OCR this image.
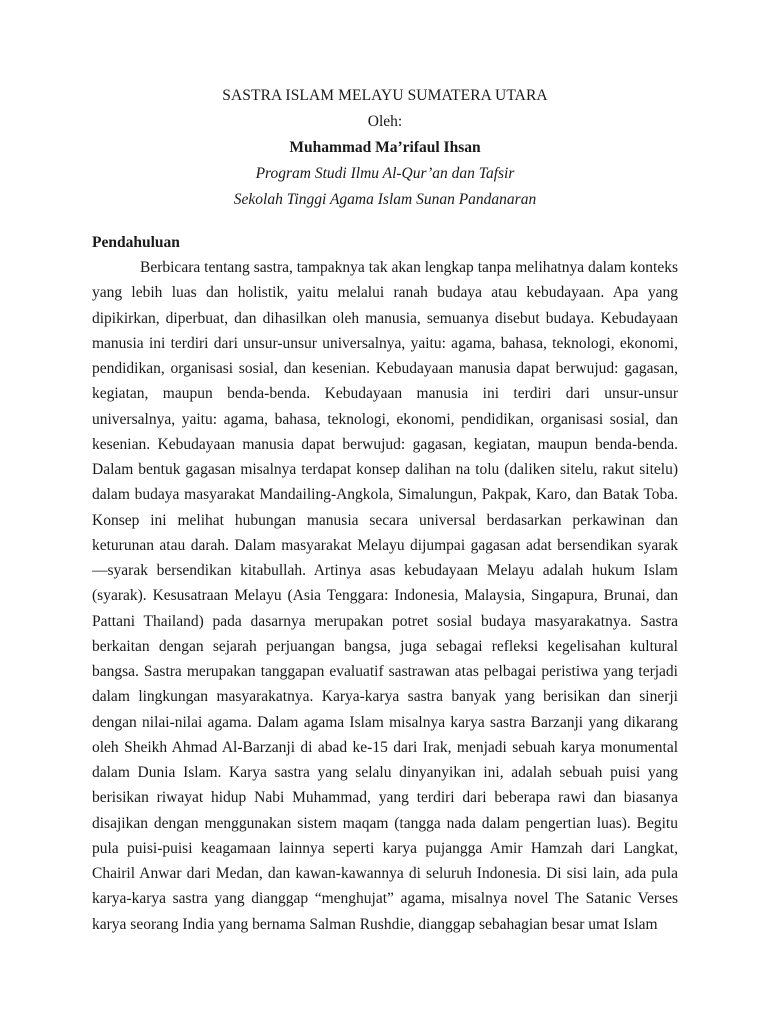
SASTRA ISLAM MELAYU SUMATERA UTARA
Oleh:
Muhammad Ma’rifaul Ihsan
Program Studi Ilmu Al-Qur’an dan Tafsir
Sekolah Tinggi Agama Islam Sunan Pandanaran
Pendahuluan

Berbicara tentang sastra, tampaknya tak akan lengkap tanpa melihatnya dalam konteks yang lebih luas dan holistik, yaitu melalui ranah budaya atau kebudayaan. Apa yang dipikirkan, diperbuat, dan dihasilkan oleh manusia, semuanya disebut budaya. Kebudayaan manusia ini terdiri dari unsur-unsur universalnya, yaitu: agama, bahasa, teknologi, ekonomi, pendidikan, organisasi sosial, dan kesenian. Kebudayaan manusia dapat berwujud: gagasan, kegiatan, maupun benda-benda. Kebudayaan manusia ini terdiri dari unsur-unsur universalnya, yaitu: agama, bahasa, teknologi, ekonomi, pendidikan, organisasi sosial, dan kesenian. Kebudayaan manusia dapat berwujud: gagasan, kegiatan, maupun benda-benda. Dalam bentuk gagasan misalnya terdapat konsep dalihan na tolu (daliken sitelu, rakut sitelu) dalam budaya masyarakat Mandailing-Angkola, Simalungun, Pakpak, Karo, dan Batak Toba. Konsep ini melihat hubungan manusia secara universal berdasarkan perkawinan dan keturunan atau darah. Dalam masyarakat Melayu dijumpai gagasan adat bersendikan syarak —syarak bersendikan kitabullah. Artinya asas kebudayaan Melayu adalah hukum Islam (syarak). Kesusatraan Melayu (Asia Tenggara: Indonesia, Malaysia, Singapura, Brunai, dan Pattani Thailand) pada dasarnya merupakan potret sosial budaya masyarakatnya. Sastra berkaitan dengan sejarah perjuangan bangsa, juga sebagai refleksi kegelisahan kultural bangsa. Sastra merupakan tanggapan evaluatif sastrawan atas pelbagai peristiwa yang terjadi dalam lingkungan masyarakatnya. Karya-karya sastra banyak yang berisikan dan sinerji dengan nilai-nilai agama. Dalam agama Islam misalnya karya sastra Barzanji yang dikarang oleh Sheikh Ahmad Al-Barzanji di abad ke-15 dari Irak, menjadi sebuah karya monumental dalam Dunia Islam. Karya sastra yang selalu dinyanyikan ini, adalah sebuah puisi yang berisikan riwayat hidup Nabi Muhammad, yang terdiri dari beberapa rawi dan biasanya disajikan dengan menggunakan sistem maqam (tangga nada dalam pengertian luas). Begitu pula puisi-puisi keagamaan lainnya seperti karya pujangga Amir Hamzah dari Langkat, Chairil Anwar dari Medan, dan kawan-kawannya di seluruh Indonesia. Di sisi lain, ada pula karya-karya sastra yang dianggap “menghujat” agama, misalnya novel The Satanic Verses karya seorang India yang bernama Salman Rushdie, dianggap sebahagian besar umat Islam
